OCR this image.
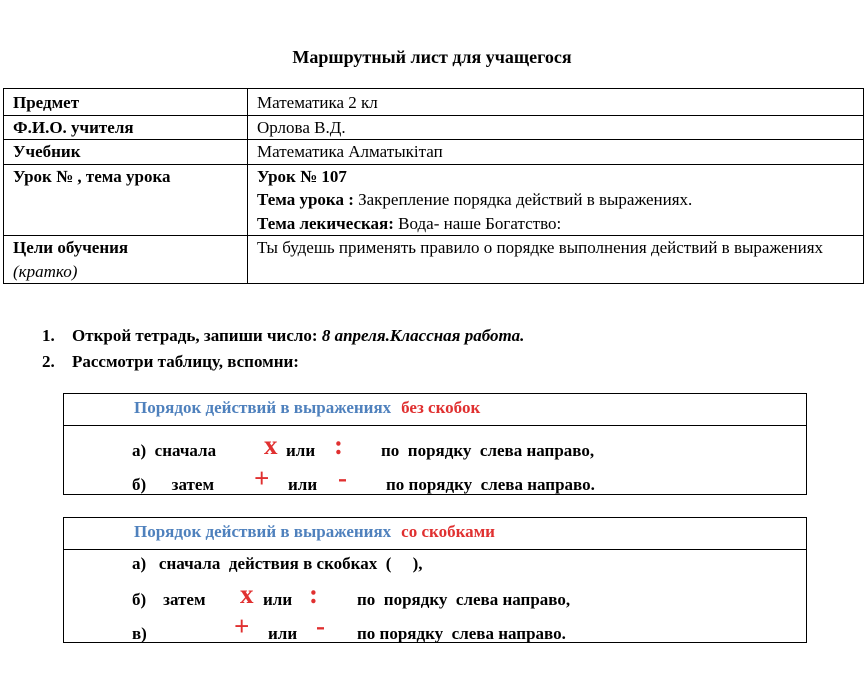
Маршрутный лист для учащегося
Предмет	Математика 2 кл
Ф.И.О. учителя	Орлова В.Д.
Учебник	Математика Алматыкітап
Урок № , тема урока	Урок № 107
Тема урока : Закрепление порядка действий в выражениях.
Тема лекическая: Вода- наше Богатство:

Цели обучения
(кратко)	Ты будешь применять правило о порядке выполнения действий в выражениях
1. Открой тетрадь, запиши число: 8 апреля.Классная работа.
2. Рассмотри таблицу, вспомни:
Порядок действий в выражениях без скобок
а)  сначала x или : по  порядку  слева направо,
б)      затем + или - по порядку  слева направо.
Порядок действий в выражениях со скобками
а)   сначала  действия в скобках  (     ),
б)    затем x или : по  порядку  слева направо,
в)	+ или - по порядку  слева направо.
